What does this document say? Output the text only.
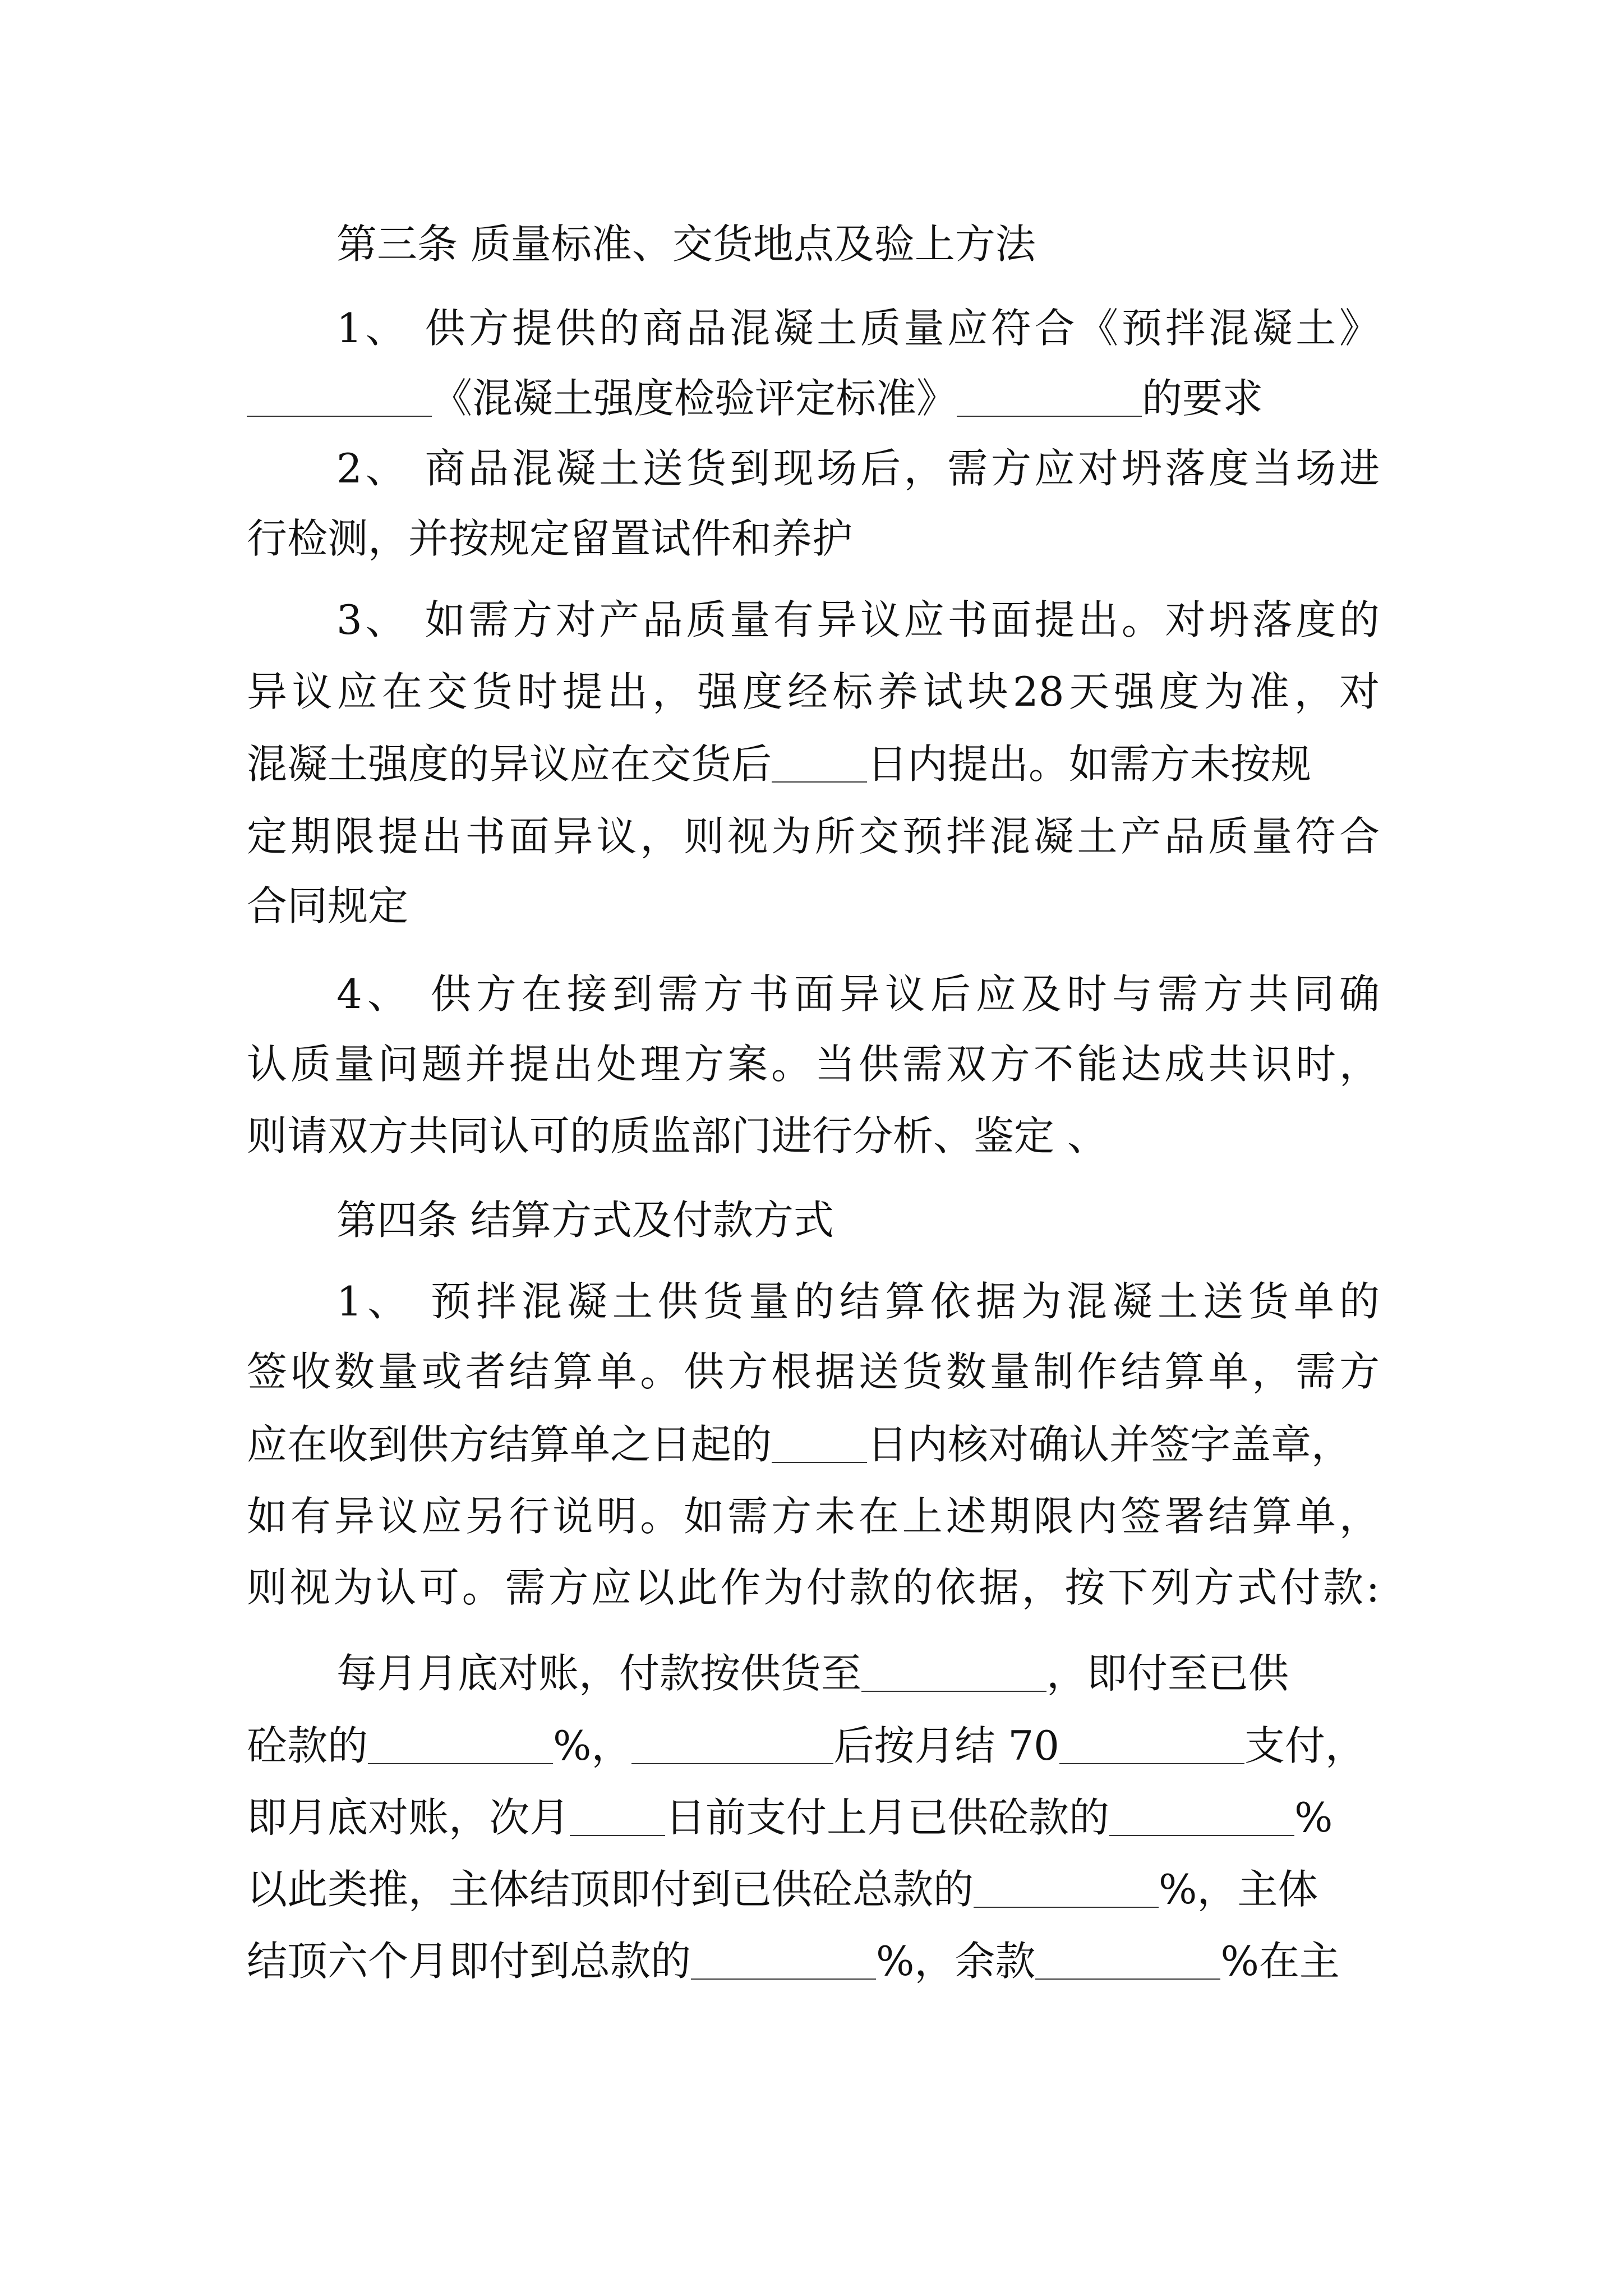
第三条 质量标准、交货地点及验上方法
1、 供方提供的商品混凝土质量应符合《预拌混凝土》
《混凝土强度检验评定标准》	的要求
2、 商品混凝土送货到现场后，需方应对坍落度当场进
行检测，并按规定留置试件和养护
3、 如需方对产品质量有异议应书面提出。对坍落度的
异议应在交货时提出，强度经标养试块28天强度为准，对
混凝土强度的异议应在交货后 日内提出。如需方未按规
定期限提出书面异议，则视为所交预拌混凝土产品质量符合
合同规定
4、 供方在接到需方书面异议后应及时与需方共同确
认质量问题并提出处理方案。当供需双方不能达成共识时，
则请双方共同认可的质监部门进行分析、鉴定 、
第四条 结算方式及付款方式
1、 预拌混凝土供货量的结算依据为混凝土送货单的
签收数量或者结算单。供方根据送货数量制作结算单，需方
应在收到供方结算单之日起的 日内核对确认并签字盖章，
如有异议应另行说明。如需方未在上述期限内签署结算单，
则视为认可。需方应以此作为付款的依据，按下列方式付款:
每月月底对账，付款按供货至	，即付至已供
砼款的	%，	后按月结 70	支付，
即月底对账，次月 日前支付上月已供砼款的	%
以此类推，主体结顶即付到已供砼总款的	%，主体
结顶六个月即付到总款的	%，余款	%在主
